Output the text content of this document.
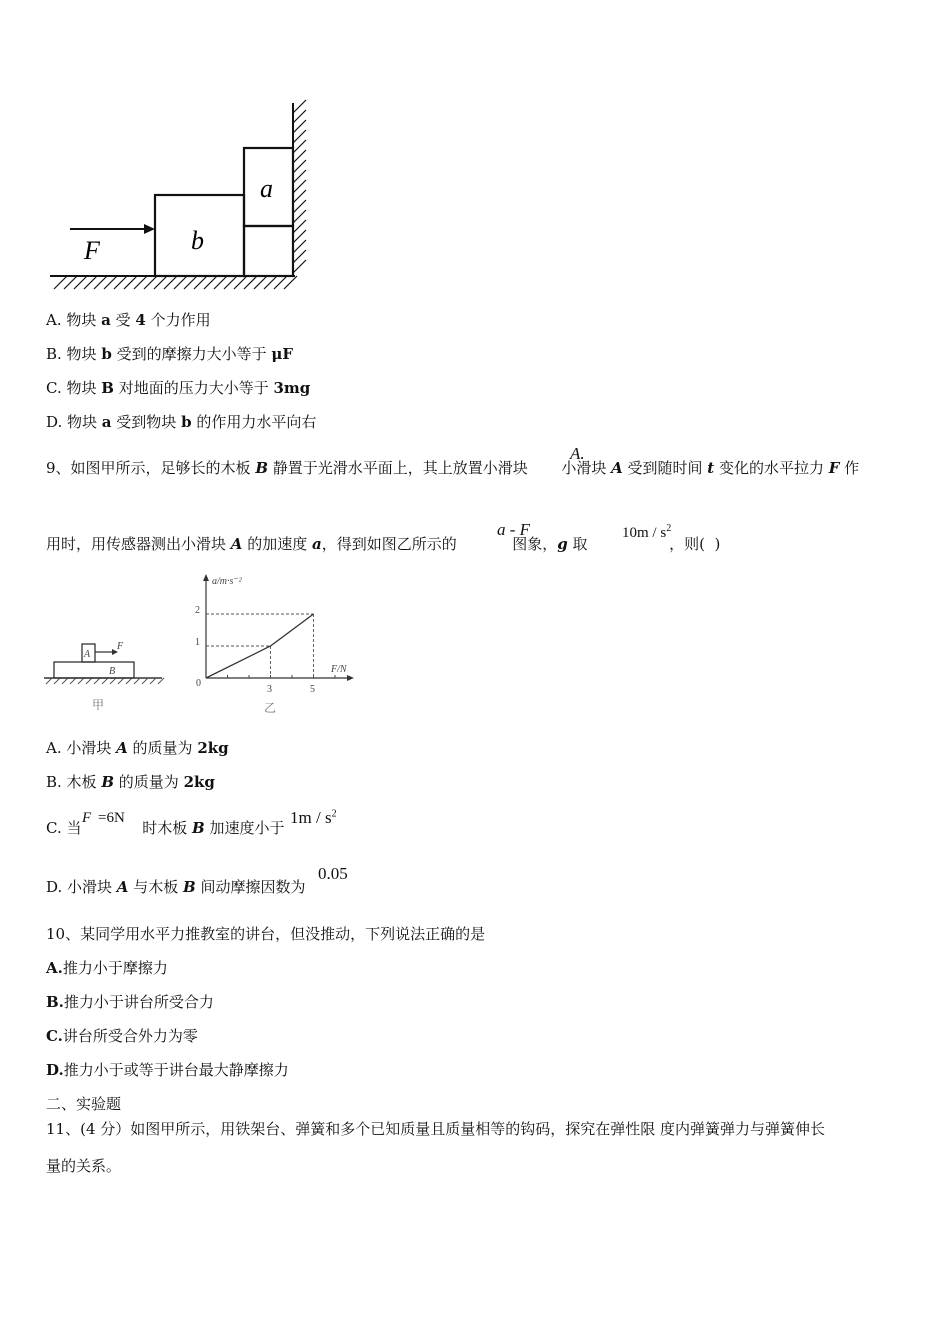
a
b
F
A. 物块 a 受 4 个力作用
B. 物块 b 受到的摩擦力大小等于 μF
C. 物块 B 对地面的压力大小等于 3mg
D. 物块 a 受到物块 b 的作用力水平向右
9、如图甲所示，足够长的木板 B 静置于光滑水平面上，其上放置小滑块  小滑块 A 受到随时间 t 变化的水平拉力 F 作
A.
用时，用传感器测出小滑块 A 的加速度 a，得到如图乙所示的	图象，g 取	，则(  )
a - F	$10m / s^2$
A
F
B
甲
a/m·s⁻²
F/N
2
1
0
3	5
乙
A. 小滑块 A 的质量为 2kg
B. 木板 B 的质量为 2kg
C. 当	时木板 B 加速度小于
F =6N	$1m / s^2$
D. 小滑块 A 与木板 B 间动摩擦因数为
0.05
10、某同学用水平力推教室的讲台，但没推动，下列说法正确的是
A.推力小于摩擦力
B.推力小于讲台所受合力
C.讲台所受合外力为零
D.推力小于或等于讲台最大静摩擦力
二、实验题
11、(4 分）如图甲所示，用铁架台、弹簧和多个已知质量且质量相等的钩码，探究在弹性限 度内弹簧弹力与弹簧伸长
量的关系。
